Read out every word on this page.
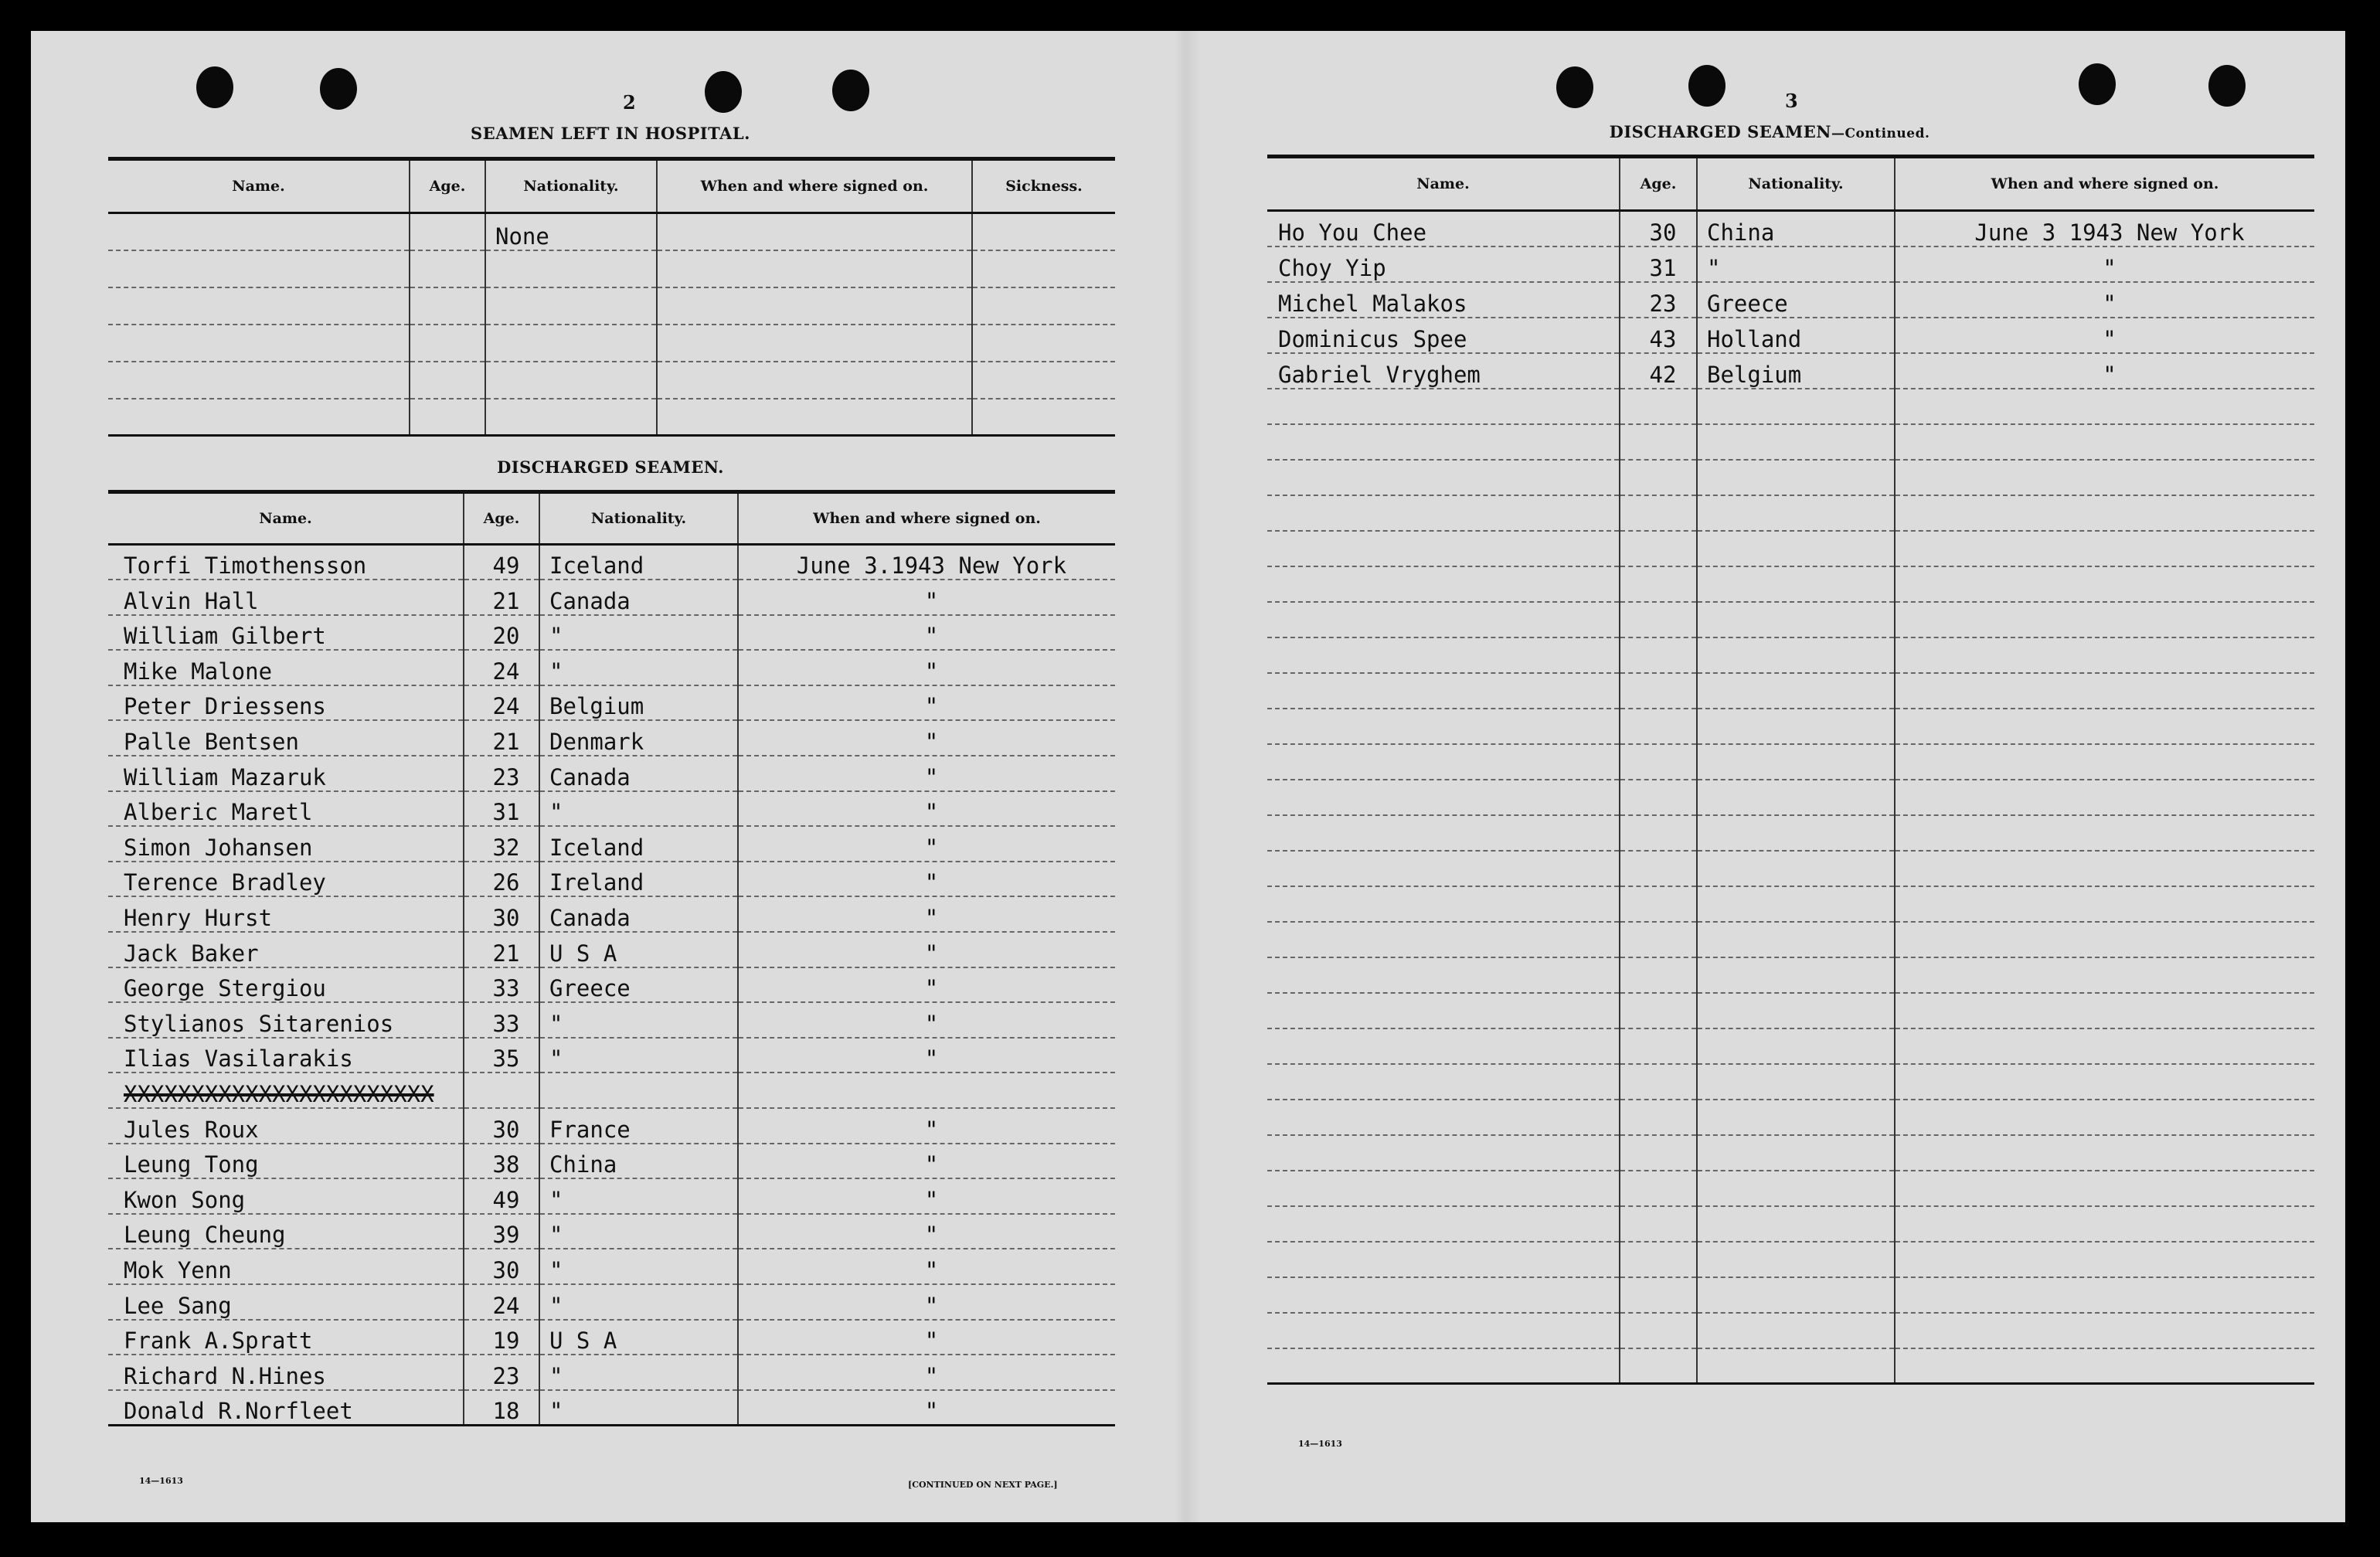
2
SEAMEN LEFT IN HOSPITAL.
Name.	Age.	Nationality.	When and where signed on.	Sickness.
		None		

DISCHARGED SEAMEN.
Name.	Age.	Nationality.	When and where signed on.
Torfi Timothensson	49	Iceland	June 3.1943 New York
Alvin Hall	21	Canada	"
William Gilbert	20	"	"
Mike Malone	24	"	"
Peter Driessens	24	Belgium	"
Palle Bentsen	21	Denmark	"
William Mazaruk	23	Canada	"
Alberic Maretl	31	"	"
Simon Johansen	32	Iceland	"
Terence Bradley	26	Ireland	"
Henry Hurst	30	Canada	"
Jack Baker	21	U S A	"
George Stergiou	33	Greece	"
Stylianos Sitarenios	33	"	"
Ilias Vasilarakis	35	"	"
XXXXXXXXXXXXXXXXXXXXXXX			
Jules Roux	30	France	"
Leung Tong	38	China	"
Kwon Song	49	"	"
Leung Cheung	39	"	"
Mok Yenn	30	"	"
Lee Sang	24	"	"
Frank A.Spratt	19	U S A	"
Richard N.Hines	23	"	"
Donald R.Norfleet	18	"	"
14—1613	[CONTINUED ON NEXT PAGE.]
3
DISCHARGED SEAMEN—Continued.
Name.	Age.	Nationality.	When and where signed on.
Ho You Chee	30	China	June 3 1943 New York
Choy Yip	31	"	"
Michel Malakos	23	Greece	"
Dominicus Spee	43	Holland	"
Gabriel Vryghem	42	Belgium	"

14—1613
